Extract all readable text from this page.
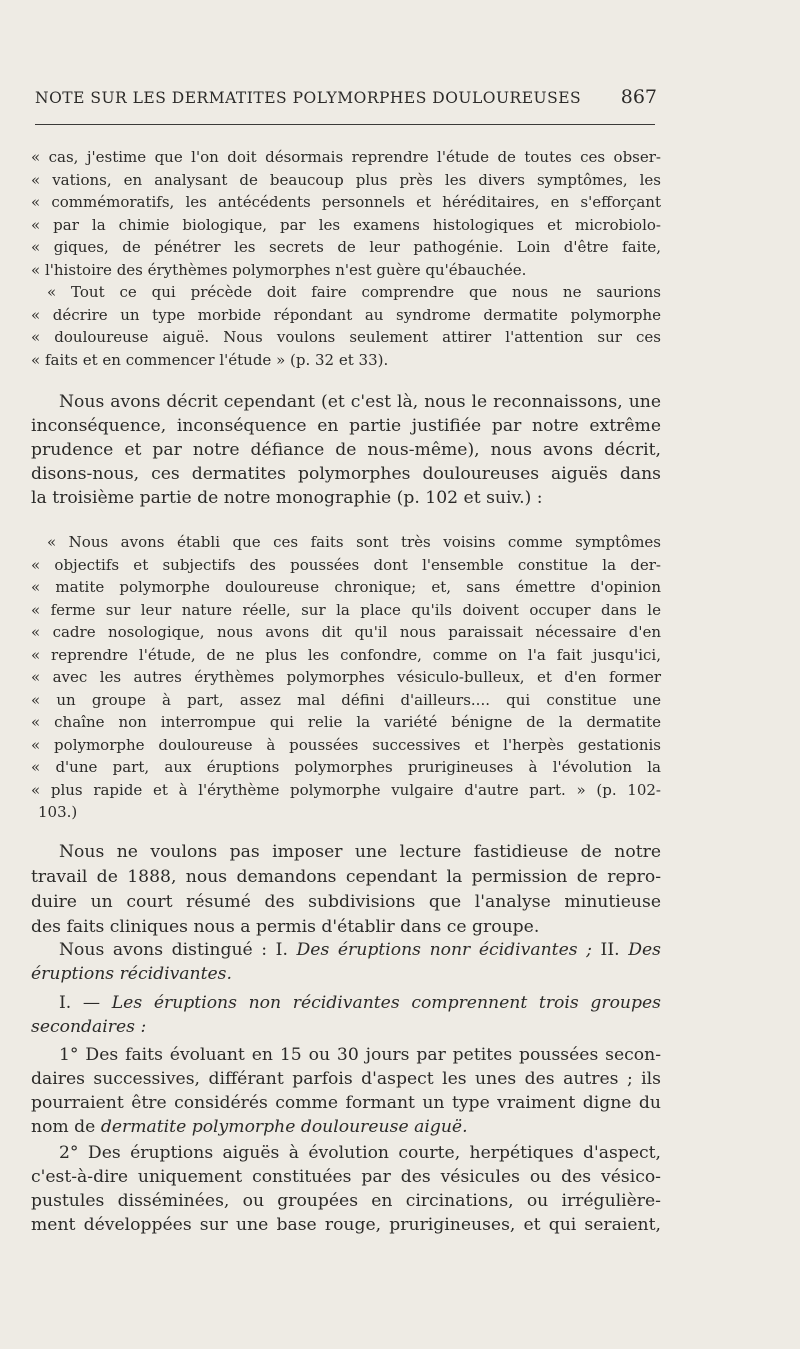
NOTE SUR LES DERMATITES POLYMORPHES DOULOUREUSES 867
« cas, j'estime que l'on doit désormais reprendre l'étude de toutes ces obser-
« vations, en analysant de beaucoup plus près les divers symptômes, les
« commémoratifs, les antécédents personnels et héréditaires, en s'efforçant
« par la chimie biologique, par les examens histologiques et microbiolo-
« giques, de pénétrer les secrets de leur pathogénie. Loin d'être faite,
« l'histoire des érythèmes polymorphes n'est guère qu'ébauchée.
« Tout ce qui précède doit faire comprendre que nous ne saurions
« décrire un type morbide répondant au syndrome dermatite polymorphe
« douloureuse aiguë. Nous voulons seulement attirer l'attention sur ces
« faits et en commencer l'étude » (p. 32 et 33).
Nous avons décrit cependant (et c'est là, nous le reconnaissons, une
inconséquence, inconséquence en partie justifiée par notre extrême
prudence et par notre défiance de nous-même), nous avons décrit,
disons-nous, ces dermatites polymorphes douloureuses aiguës dans
la troisième partie de notre monographie (p. 102 et suiv.) :
« Nous avons établi que ces faits sont très voisins comme symptômes
« objectifs et subjectifs des poussées dont l'ensemble constitue la der-
« matite polymorphe douloureuse chronique; et, sans émettre d'opinion
« ferme sur leur nature réelle, sur la place qu'ils doivent occuper dans le
« cadre nosologique, nous avons dit qu'il nous paraissait nécessaire d'en
« reprendre l'étude, de ne plus les confondre, comme on l'a fait jusqu'ici,
« avec les autres érythèmes polymorphes vésiculo-bulleux, et d'en former
« un groupe à part, assez mal défini d'ailleurs.... qui constitue une
« chaîne non interrompue qui relie la variété bénigne de la dermatite
« polymorphe douloureuse à poussées successives et l'herpès gestationis
« d'une part, aux éruptions polymorphes prurigineuses à l'évolution la
« plus rapide et à l'érythème polymorphe vulgaire d'autre part. » (p. 102-
103.)
Nous ne voulons pas imposer une lecture fastidieuse de notre
travail de 1888, nous demandons cependant la permission de repro-
duire un court résumé des subdivisions que l'analyse minutieuse
des faits cliniques nous a permis d'établir dans ce groupe.
Nous avons distingué : I. Des éruptions nonr écidivantes ; II. Des
éruptions récidivantes.
I. — Les éruptions non récidivantes comprennent trois groupes
secondaires :
1° Des faits évoluant en 15 ou 30 jours par petites poussées secon-
daires successives, différant parfois d'aspect les unes des autres ; ils
pourraient être considérés comme formant un type vraiment digne du
nom de dermatite polymorphe douloureuse aiguë.
2° Des éruptions aiguës à évolution courte, herpétiques d'aspect,
c'est-à-dire uniquement constituées par des vésicules ou des vésico-
pustules disséminées, ou groupées en circinations, ou irrégulière-
ment développées sur une base rouge, prurigineuses, et qui seraient,
